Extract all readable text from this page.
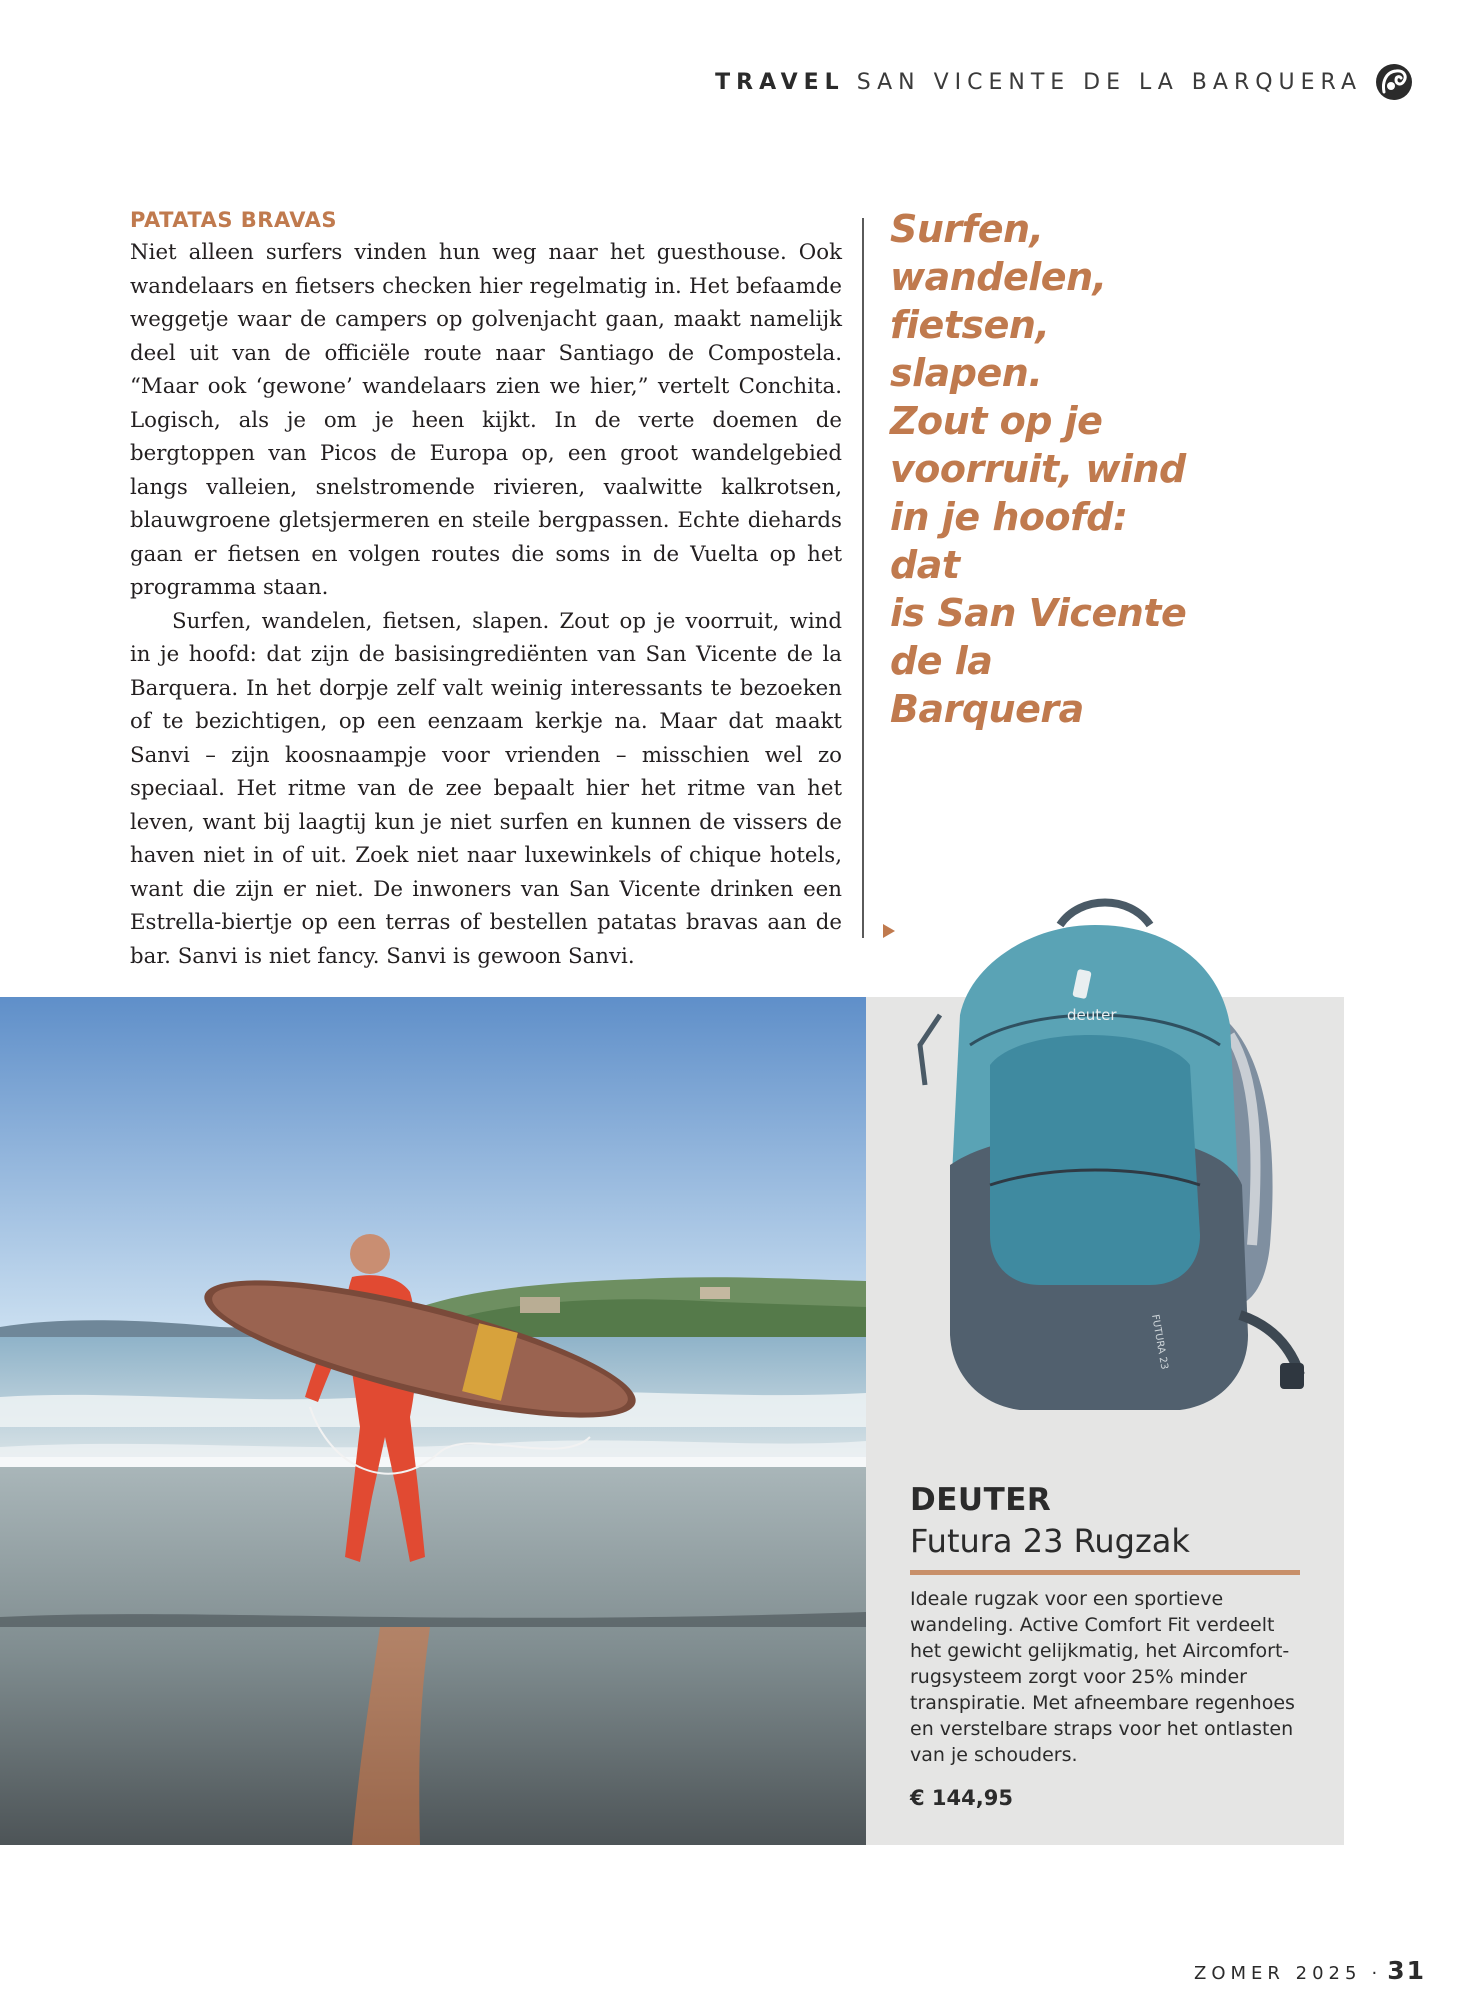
TRAVEL SAN VICENTE DE LA BARQUERA
PATATAS BRAVAS

Niet alleen surfers vinden hun weg naar het guesthouse. Ook wandelaars en fietsers checken hier regelmatig in. Het befaamde weggetje waar de campers op golvenjacht gaan, maakt namelijk deel uit van de officiële route naar Santiago de Compostela. “Maar ook ‘gewone’ wandelaars zien we hier,” vertelt Conchita. Logisch, als je om je heen kijkt. In de verte doemen de bergtoppen van Picos de Europa op, een groot wandelgebied langs valleien, snelstromende rivieren, vaalwitte kalkrotsen, blauwgroene gletsjermeren en steile bergpassen. Echte diehards gaan er fietsen en volgen routes die soms in de Vuelta op het programma staan.

Surfen, wandelen, fietsen, slapen. Zout op je voorruit, wind in je hoofd: dat zijn de basisingrediënten van San Vicente de la Barquera. In het dorpje zelf valt weinig interessants te bezoeken of te bezichtigen, op een eenzaam kerkje na. Maar dat maakt Sanvi – zijn koosnaampje voor vrienden – misschien wel zo speciaal. Het ritme van de zee bepaalt hier het ritme van het leven, want bij laagtij kun je niet surfen en kunnen de vissers de haven niet in of uit. Zoek niet naar luxewinkels of chique hotels, want die zijn er niet. De inwoners van San Vicente drinken een Estrella-biertje op een terras of bestellen patatas bravas aan de bar. Sanvi is niet fancy. Sanvi is gewoon Sanvi.

Surfen,
wandelen,
fietsen, slapen.
Zout op je
voorruit, wind
in je hoofd: dat
is San Vicente
de la Barquera
deuter
FUTURA 23
DEUTER
Futura 23 Rugzak
Ideale rugzak voor een sportieve wandeling. Active Comfort Fit verdeelt het gewicht gelijkmatig, het Aircomfort-rugsysteem zorgt voor 25% minder transpiratie. Met afneembare regenhoes en verstelbare straps voor het ontlasten van je schouders.
€ 144,95
ZOMER 2025 · 31
